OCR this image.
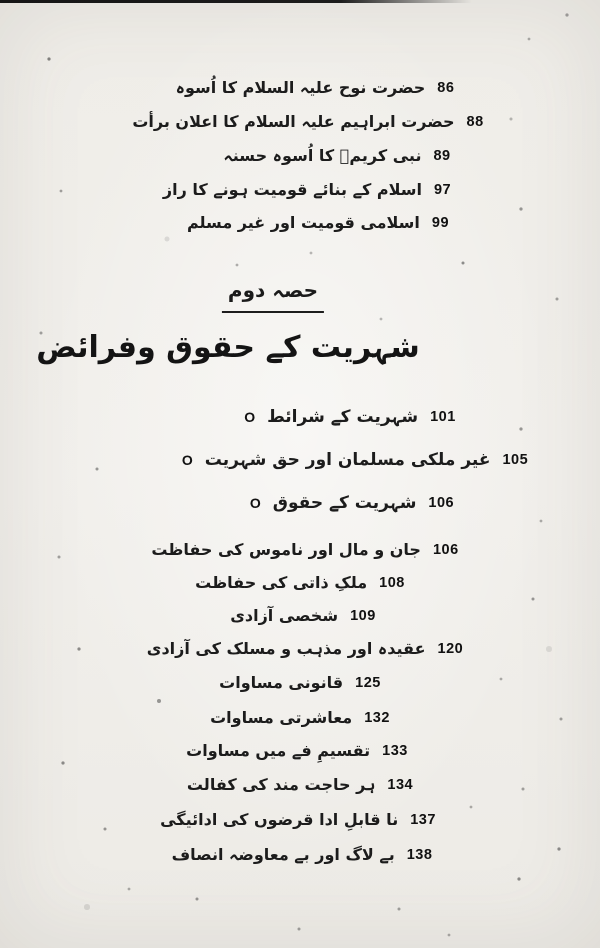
حضرت نوح علیہ السلام کا اُسوہ 86
حضرت ابراہیم علیہ السلام کا اعلان برأت 88
نبی کریمؐ کا اُسوہ حسنہ 89
اسلام کے بنائے قومیت ہونے کا راز 97
اسلامی قومیت اور غیر مسلم 99
حصہ دوم
شہریت کے حقوق وفرائض
O شہریت کے شرائط 101
O غیر ملکی مسلمان اور حق شہریت 105
O شہریت کے حقوق 106
جان و مال اور ناموس کی حفاظت 106
ملکِ ذاتی کی حفاظت 108
شخصی آزادی 109
عقیدہ اور مذہب و مسلک کی آزادی 120
قانونی مساوات 125
معاشرتی مساوات 132
تقسیمِ فے میں مساوات 133
ہر حاجت مند کی کفالت 134
نا قابلِ ادا قرضوں کی ادائیگی 137
بے لاگ اور بے معاوضہ انصاف 138
